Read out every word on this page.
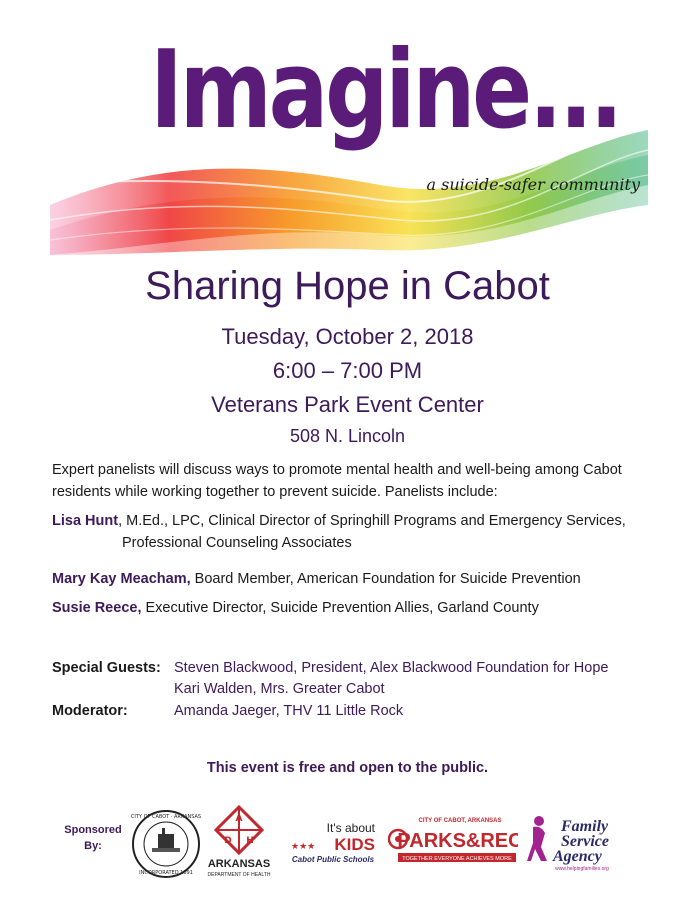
Imagine...
a suicide-safer community
Sharing Hope in Cabot
Tuesday, October 2, 2018
6:00 – 7:00 PM
Veterans Park Event Center
508 N. Lincoln
Expert panelists will discuss ways to promote mental health and well-being among Cabot residents while working together to prevent suicide. Panelists include:
Lisa Hunt, M.Ed., LPC, Clinical Director of Springhill Programs and Emergency Services,
Professional Counseling Associates
Mary Kay Meacham, Board Member, American Foundation for Suicide Prevention
Susie Reece, Executive Director, Suicide Prevention Allies, Garland County
Special Guests: Steven Blackwood, President, Alex Blackwood Foundation for Hope
Kari Walden, Mrs. Greater Cabot
Moderator:	Amanda Jaeger, THV 11 Little Rock
This event is free and open to the public.
Sponsored
By:
CITY OF CABOT · ARKANSAS
INCORPORATED 1891
A
D H
ARKANSAS
DEPARTMENT OF HEALTH
It's about
★★★ KIDS
Cabot Public Schools
CITY OF CABOT, ARKANSAS
PARKS&REC
TOGETHER EVERYONE ACHIEVES MORE
Family
Service
Agency
www.helpingfamilies.org
